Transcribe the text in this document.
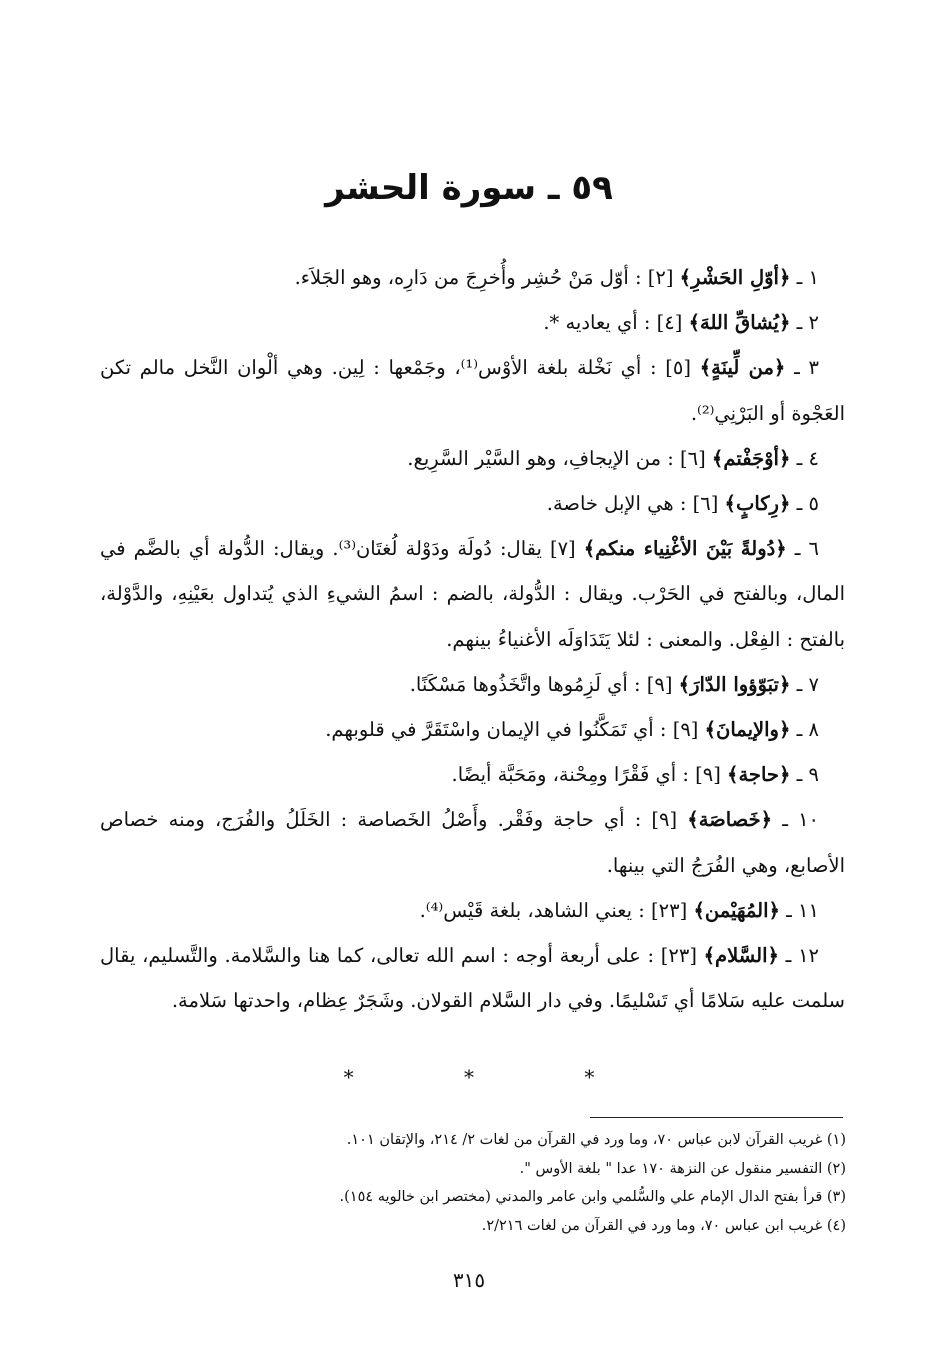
٥٩ ـ سورة الحشر

١ ـ ﴿أوّلِ الحَشْرِ﴾ [٢] : أوّل مَنْ حُشِر وأُخرِجَ من دَارِه، وهو الجَلاَء.

٢ ـ ﴿يُشاقِّ اللهَ﴾ [٤] : أي يعاديه *.

٣ ـ ﴿من لِّينَةٍ﴾ [٥] : أي نَخْلة بلغة الأوْس⁽¹⁾، وجَمْعها : لِين. وهي ألْوان النَّخل مالم تكن العَجْوة أو البَرْنِي⁽²⁾.

٤ ـ ﴿أوْجَفْتم﴾ [٦] : من الإيجافِ، وهو السَّيْر السَّرِيع.

٥ ـ ﴿رِكابٍ﴾ [٦] : هي الإبل خاصة.

٦ ـ ﴿دُولةً بَيْنَ الأغْنِياء منكم﴾ [٧] يقال: دُولَة ودَوْلة لُغتَان⁽³⁾. ويقال: الدُّولة أي بالضَّم في المال، وبالفتح في الحَرْب. ويقال : الدُّولة، بالضم : اسمُ الشيءِ الذي يُتداول بعَيْنِهِ، والدَّوْلة، بالفتح : الفِعْل. والمعنى : لئلا يَتَدَاوَلَه الأغنياءُ بينهم.

٧ ـ ﴿تبَوّؤوا الدّارَ﴾ [٩] : أي لَزِمُوها واتَّخَذُوها مَسْكَنًا.

٨ ـ ﴿والإيمانَ﴾ [٩] : أي تَمَكَّنُوا في الإيمان واسْتَقَرَّ في قلوبهم.

٩ ـ ﴿حاجة﴾ [٩] : أي فَقْرًا ومِحْنة، ومَحَبَّة أيضًا.

١٠ ـ ﴿خَصاصَة﴾ [٩] : أي حاجة وفَقْر. وأَصْلُ الخَصاصة : الخَلَلُ والفُرَج، ومنه خصاص الأصابع، وهي الفُرَجُ التي بينها.

١١ ـ ﴿المُهَيْمن﴾ [٢٣] : يعني الشاهد، بلغة قَيْس⁽⁴⁾.

١٢ ـ ﴿السَّلام﴾ [٢٣] : على أربعة أوجه : اسم الله تعالى، كما هنا والسَّلامة. والتَّسليم، يقال سلمت عليه سَلامًا أي تَسْليمًا. وفي دار السَّلام القولان. وشَجَرٌ عِظام، واحدتها سَلامة.

* * *

(١) غريب القرآن لابن عباس ٧٠، وما ورد في القرآن من لغات ٢/ ٢١٤، والإتقان ١٠١.

(٢) التفسير منقول عن النزهة ١٧٠ عدا " بلغة الأوس ".

(٣) قرأ بفتح الدال الإمام علي والسُّلمي وابن عامر والمدني (مختصر ابن خالويه ١٥٤).

(٤) غريب ابن عباس ٧٠، وما ورد في القرآن من لغات ٢/٢١٦.

٣١٥
